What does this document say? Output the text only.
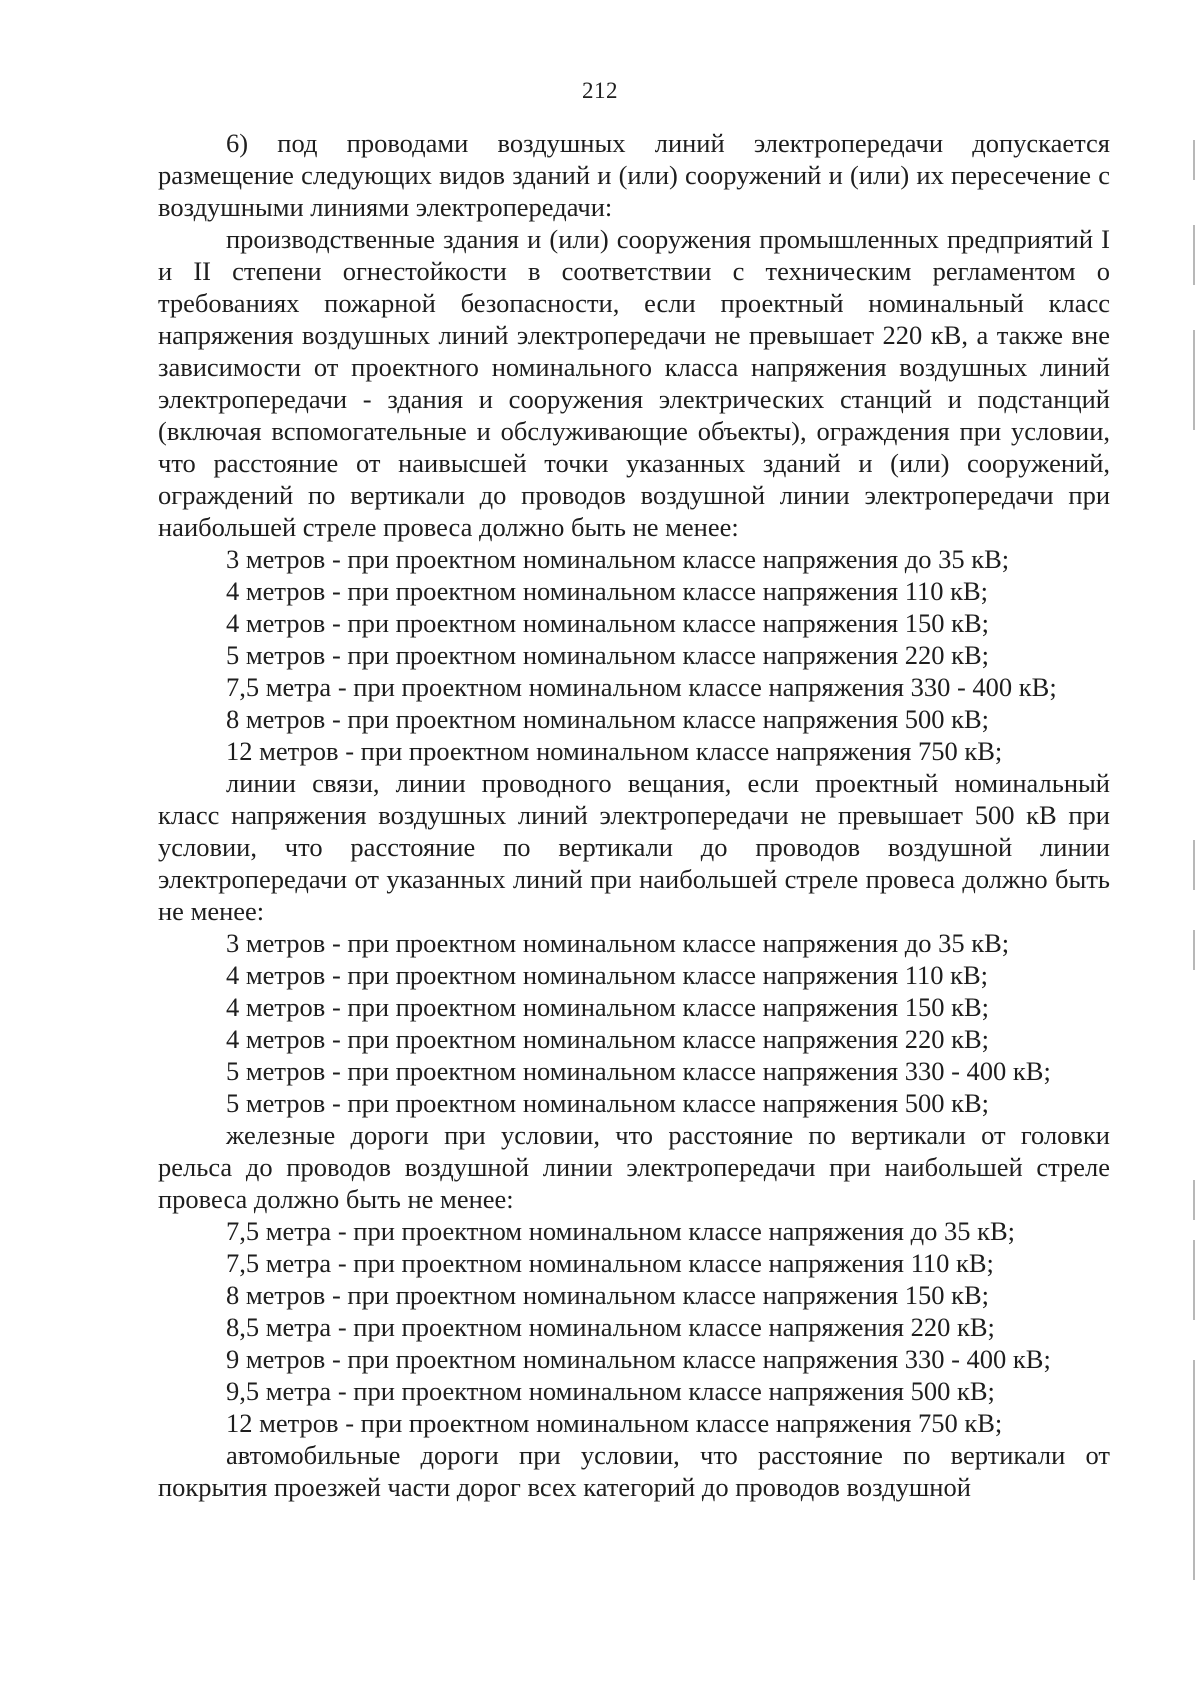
212

6) под проводами воздушных линий электропередачи допускается размещение следующих видов зданий и (или) сооружений и (или) их пересечение с воздушными линиями электропередачи:

производственные здания и (или) сооружения промышленных предприятий I и II степени огнестойкости в соответствии с техническим регламентом о требованиях пожарной безопасности, если проектный номинальный класс напряжения воздушных линий электропередачи не превышает 220 кВ, а также вне зависимости от проектного номинального класса напряжения воздушных линий электропередачи - здания и сооружения электрических станций и подстанций (включая вспомогательные и обслуживающие объекты), ограждения при условии, что расстояние от наивысшей точки указанных зданий и (или) сооружений, ограждений по вертикали до проводов воздушной линии электропередачи при наибольшей стреле провеса должно быть не менее:

3 метров - при проектном номинальном классе напряжения до 35 кВ;

4 метров - при проектном номинальном классе напряжения 110 кВ;

4 метров - при проектном номинальном классе напряжения 150 кВ;

5 метров - при проектном номинальном классе напряжения 220 кВ;

7,5 метра - при проектном номинальном классе напряжения 330 - 400 кВ;

8 метров - при проектном номинальном классе напряжения 500 кВ;

12 метров - при проектном номинальном классе напряжения 750 кВ;

линии связи, линии проводного вещания, если проектный номинальный класс напряжения воздушных линий электропередачи не превышает 500 кВ при условии, что расстояние по вертикали до проводов воздушной линии электропередачи от указанных линий при наибольшей стреле провеса должно быть не менее:

3 метров - при проектном номинальном классе напряжения до 35 кВ;

4 метров - при проектном номинальном классе напряжения 110 кВ;

4 метров - при проектном номинальном классе напряжения 150 кВ;

4 метров - при проектном номинальном классе напряжения 220 кВ;

5 метров - при проектном номинальном классе напряжения 330 - 400 кВ;

5 метров - при проектном номинальном классе напряжения 500 кВ;

железные дороги при условии, что расстояние по вертикали от головки рельса до проводов воздушной линии электропередачи при наибольшей стреле провеса должно быть не менее:

7,5 метра - при проектном номинальном классе напряжения до 35 кВ;

7,5 метра - при проектном номинальном классе напряжения 110 кВ;

8 метров - при проектном номинальном классе напряжения 150 кВ;

8,5 метра - при проектном номинальном классе напряжения 220 кВ;

9 метров - при проектном номинальном классе напряжения 330 - 400 кВ;

9,5 метра - при проектном номинальном классе напряжения 500 кВ;

12 метров - при проектном номинальном классе напряжения 750 кВ;

автомобильные дороги при условии, что расстояние по вертикали от покрытия проезжей части дорог всех категорий до проводов воздушной
